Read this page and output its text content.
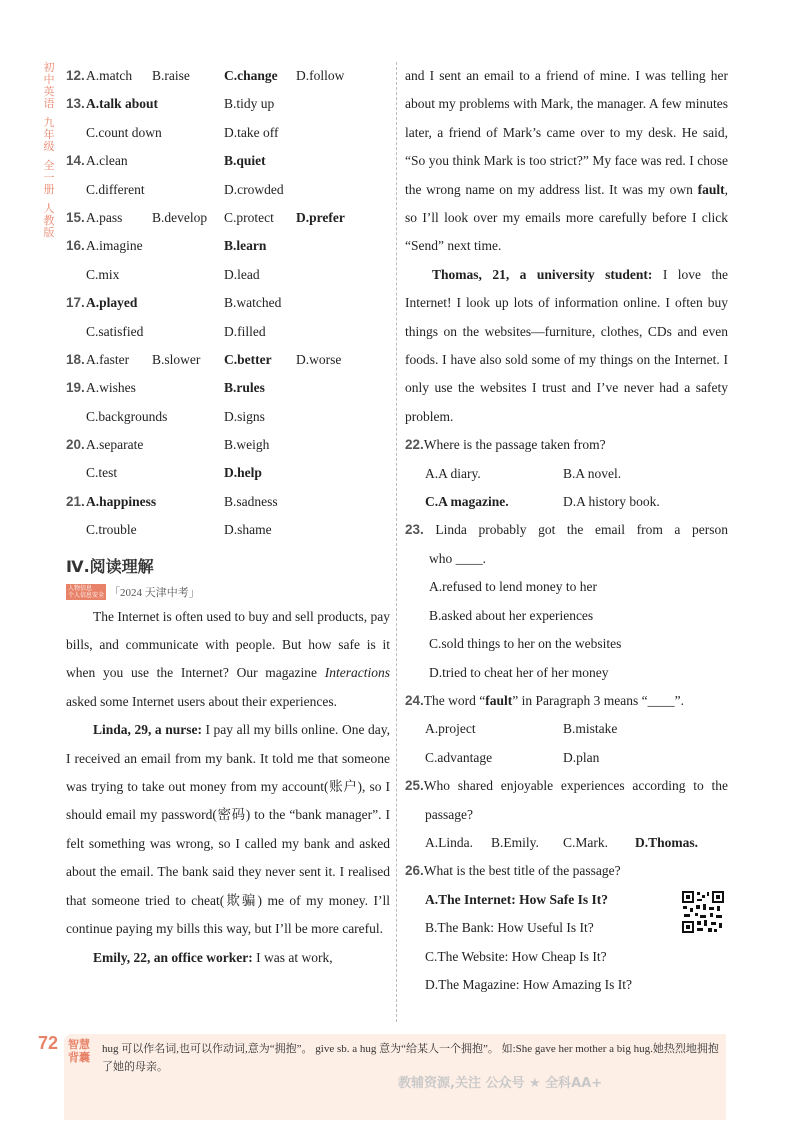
初中英语
九年级
全一册
人教版
12. A.match B.raise	C.change D.follow
13. A.talk about	B.tidy up
C.count down	D.take off
14. A.clean	B.quiet
C.different	D.crowded
15. A.pass B.develop C.protect D.prefer
16. A.imagine	B.learn
C.mix	D.lead
17. A.played	B.watched
C.satisfied	D.filled
18. A.faster B.slower C.better D.worse
19. A.wishes	B.rules
C.backgrounds	D.signs
20. A.separate	B.weigh
C.test	D.help
21. A.happiness	B.sadness
C.trouble	D.shame
Ⅳ.阅读理解
人物信息
个人信息安全 「2024 天津中考」

The Internet is often used to buy and sell products, pay bills, and communicate with people. But how safe is it when you use the Internet? Our magazine Interactions asked some Internet users about their experiences.

Linda, 29, a nurse: I pay all my bills online. One day, I received an email from my bank. It told me that someone was trying to take out money from my account(账户), so I should email my password(密码) to the “bank manager”. I felt something was wrong, so I called my bank and asked about the email. The bank said they never sent it. I realised that someone tried to cheat(欺骗) me of my money. I’ll continue paying my bills this way, but I’ll be more careful.

Emily, 22, an office worker: I was at work,

and I sent an email to a friend of mine. I was telling her about my problems with Mark, the manager. A few minutes later, a friend of Mark’s came over to my desk. He said, “So you think Mark is too strict?” My face was red. I chose the wrong name on my address list. It was my own fault, so I’ll look over my emails more carefully before I click “Send” next time.

Thomas, 21, a university student: I love the Internet! I look up lots of information online. I often buy things on the websites—furniture, clothes, CDs and even foods. I have also sold some of my things on the Internet. I only use the websites I trust and I’ve never had a safety problem.

22.Where is the passage taken from?

A.A diary.	B.A novel.
C.A magazine.	D.A history book.

23. Linda probably got the email from a person

who ____.

A.refused to lend money to her

B.asked about her experiences

C.sold things to her on the websites

D.tried to cheat her of her money

24.The word “fault” in Paragraph 3 means “____”.

A.project	B.mistake
C.advantage	D.plan

25.Who shared enjoyable experiences according to the

passage?

A.Linda. B.Emily. C.Mark. D.Thomas.

26.What is the best title of the passage?

A.The Internet: How Safe Is It?

B.The Bank: How Useful Is It?

C.The Website: How Cheap Is It?

D.The Magazine: How Amazing Is It?

72 智慧背囊
hug 可以作名词,也可以作动词,意为“拥抱”。 give sb. a hug 意为“给某人一个拥抱”。 如:She gave her mother a big hug.她热烈地拥抱了她的母亲。
教辅资源,关注 公众号 ★ 全科AA+
